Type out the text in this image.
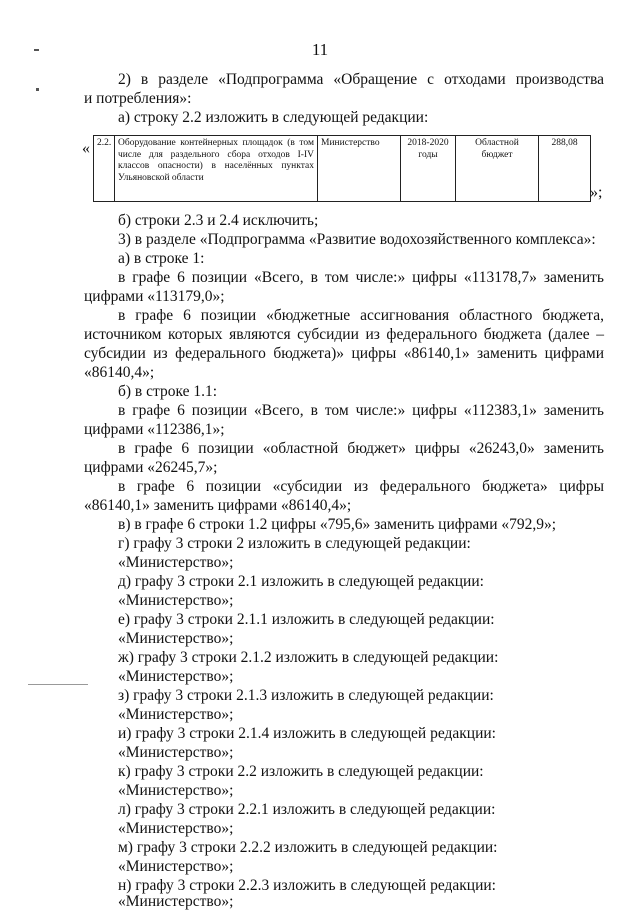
11
2) в разделе «Подпрограмма «Обращение с отходами производства
и потребления»:
а) строку 2.2 изложить в следующей редакции:
« 2.2.	Оборудование контейнерных площадок (в том числе для раздельного сбора отходов I-IV классов опасности) в населённых пунктах Ульяновской области	Министерство	2018-2020 годы	Областной бюджет	288,08
»;
б) строки 2.3 и 2.4 исключить;
3) в разделе «Подпрограмма «Развитие водохозяйственного комплекса»:
а) в строке 1:
в графе 6 позиции «Всего, в том числе:» цифры «113178,7» заменить
цифрами «113179,0»;
в графе 6 позиции «бюджетные ассигнования областного бюджета,
источником которых являются субсидии из федерального бюджета (далее –
субсидии из федерального бюджета)» цифры «86140,1» заменить цифрами
«86140,4»;
б) в строке 1.1:
в графе 6 позиции «Всего, в том числе:» цифры «112383,1» заменить
цифрами «112386,1»;
в графе 6 позиции «областной бюджет» цифры «26243,0» заменить
цифрами «26245,7»;
в графе 6 позиции «субсидии из федерального бюджета» цифры
«86140,1» заменить цифрами «86140,4»;
в) в графе 6 строки 1.2 цифры «795,6» заменить цифрами «792,9»;
г) графу 3 строки 2 изложить в следующей редакции:
«Министерство»;
д) графу 3 строки 2.1 изложить в следующей редакции:
«Министерство»;
е) графу 3 строки 2.1.1 изложить в следующей редакции:
«Министерство»;
ж) графу 3 строки 2.1.2 изложить в следующей редакции:
«Министерство»;
з) графу 3 строки 2.1.3 изложить в следующей редакции:
«Министерство»;
и) графу 3 строки 2.1.4 изложить в следующей редакции:
«Министерство»;
к) графу 3 строки 2.2 изложить в следующей редакции:
«Министерство»;
л) графу 3 строки 2.2.1 изложить в следующей редакции:
«Министерство»;
м) графу 3 строки 2.2.2 изложить в следующей редакции:
«Министерство»;
н) графу 3 строки 2.2.3 изложить в следующей редакции:
«Министерство»;
